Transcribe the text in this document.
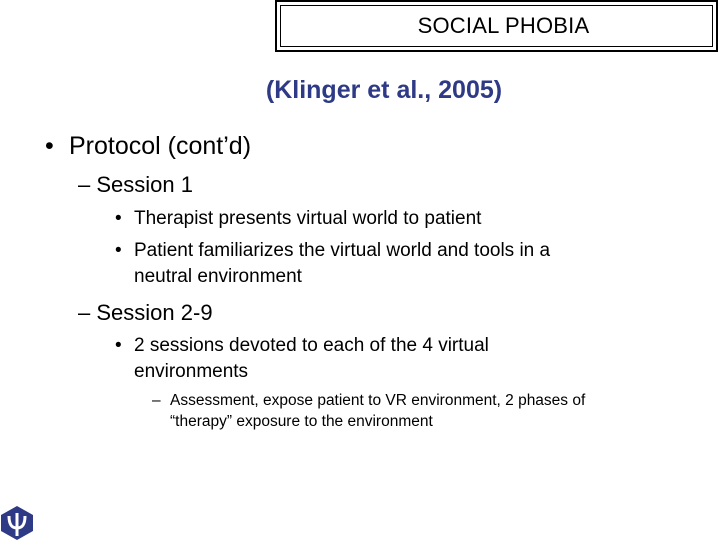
SOCIAL PHOBIA
(Klinger et al., 2005)
• Protocol (cont’d)
– Session 1
• Therapist presents virtual world to patient
• Patient familiarizes the virtual world and tools in a
neutral environment
– Session 2-9
• 2 sessions devoted to each of the 4 virtual
environments
– Assessment, expose patient to VR environment, 2 phases of
“therapy” exposure to the environment
